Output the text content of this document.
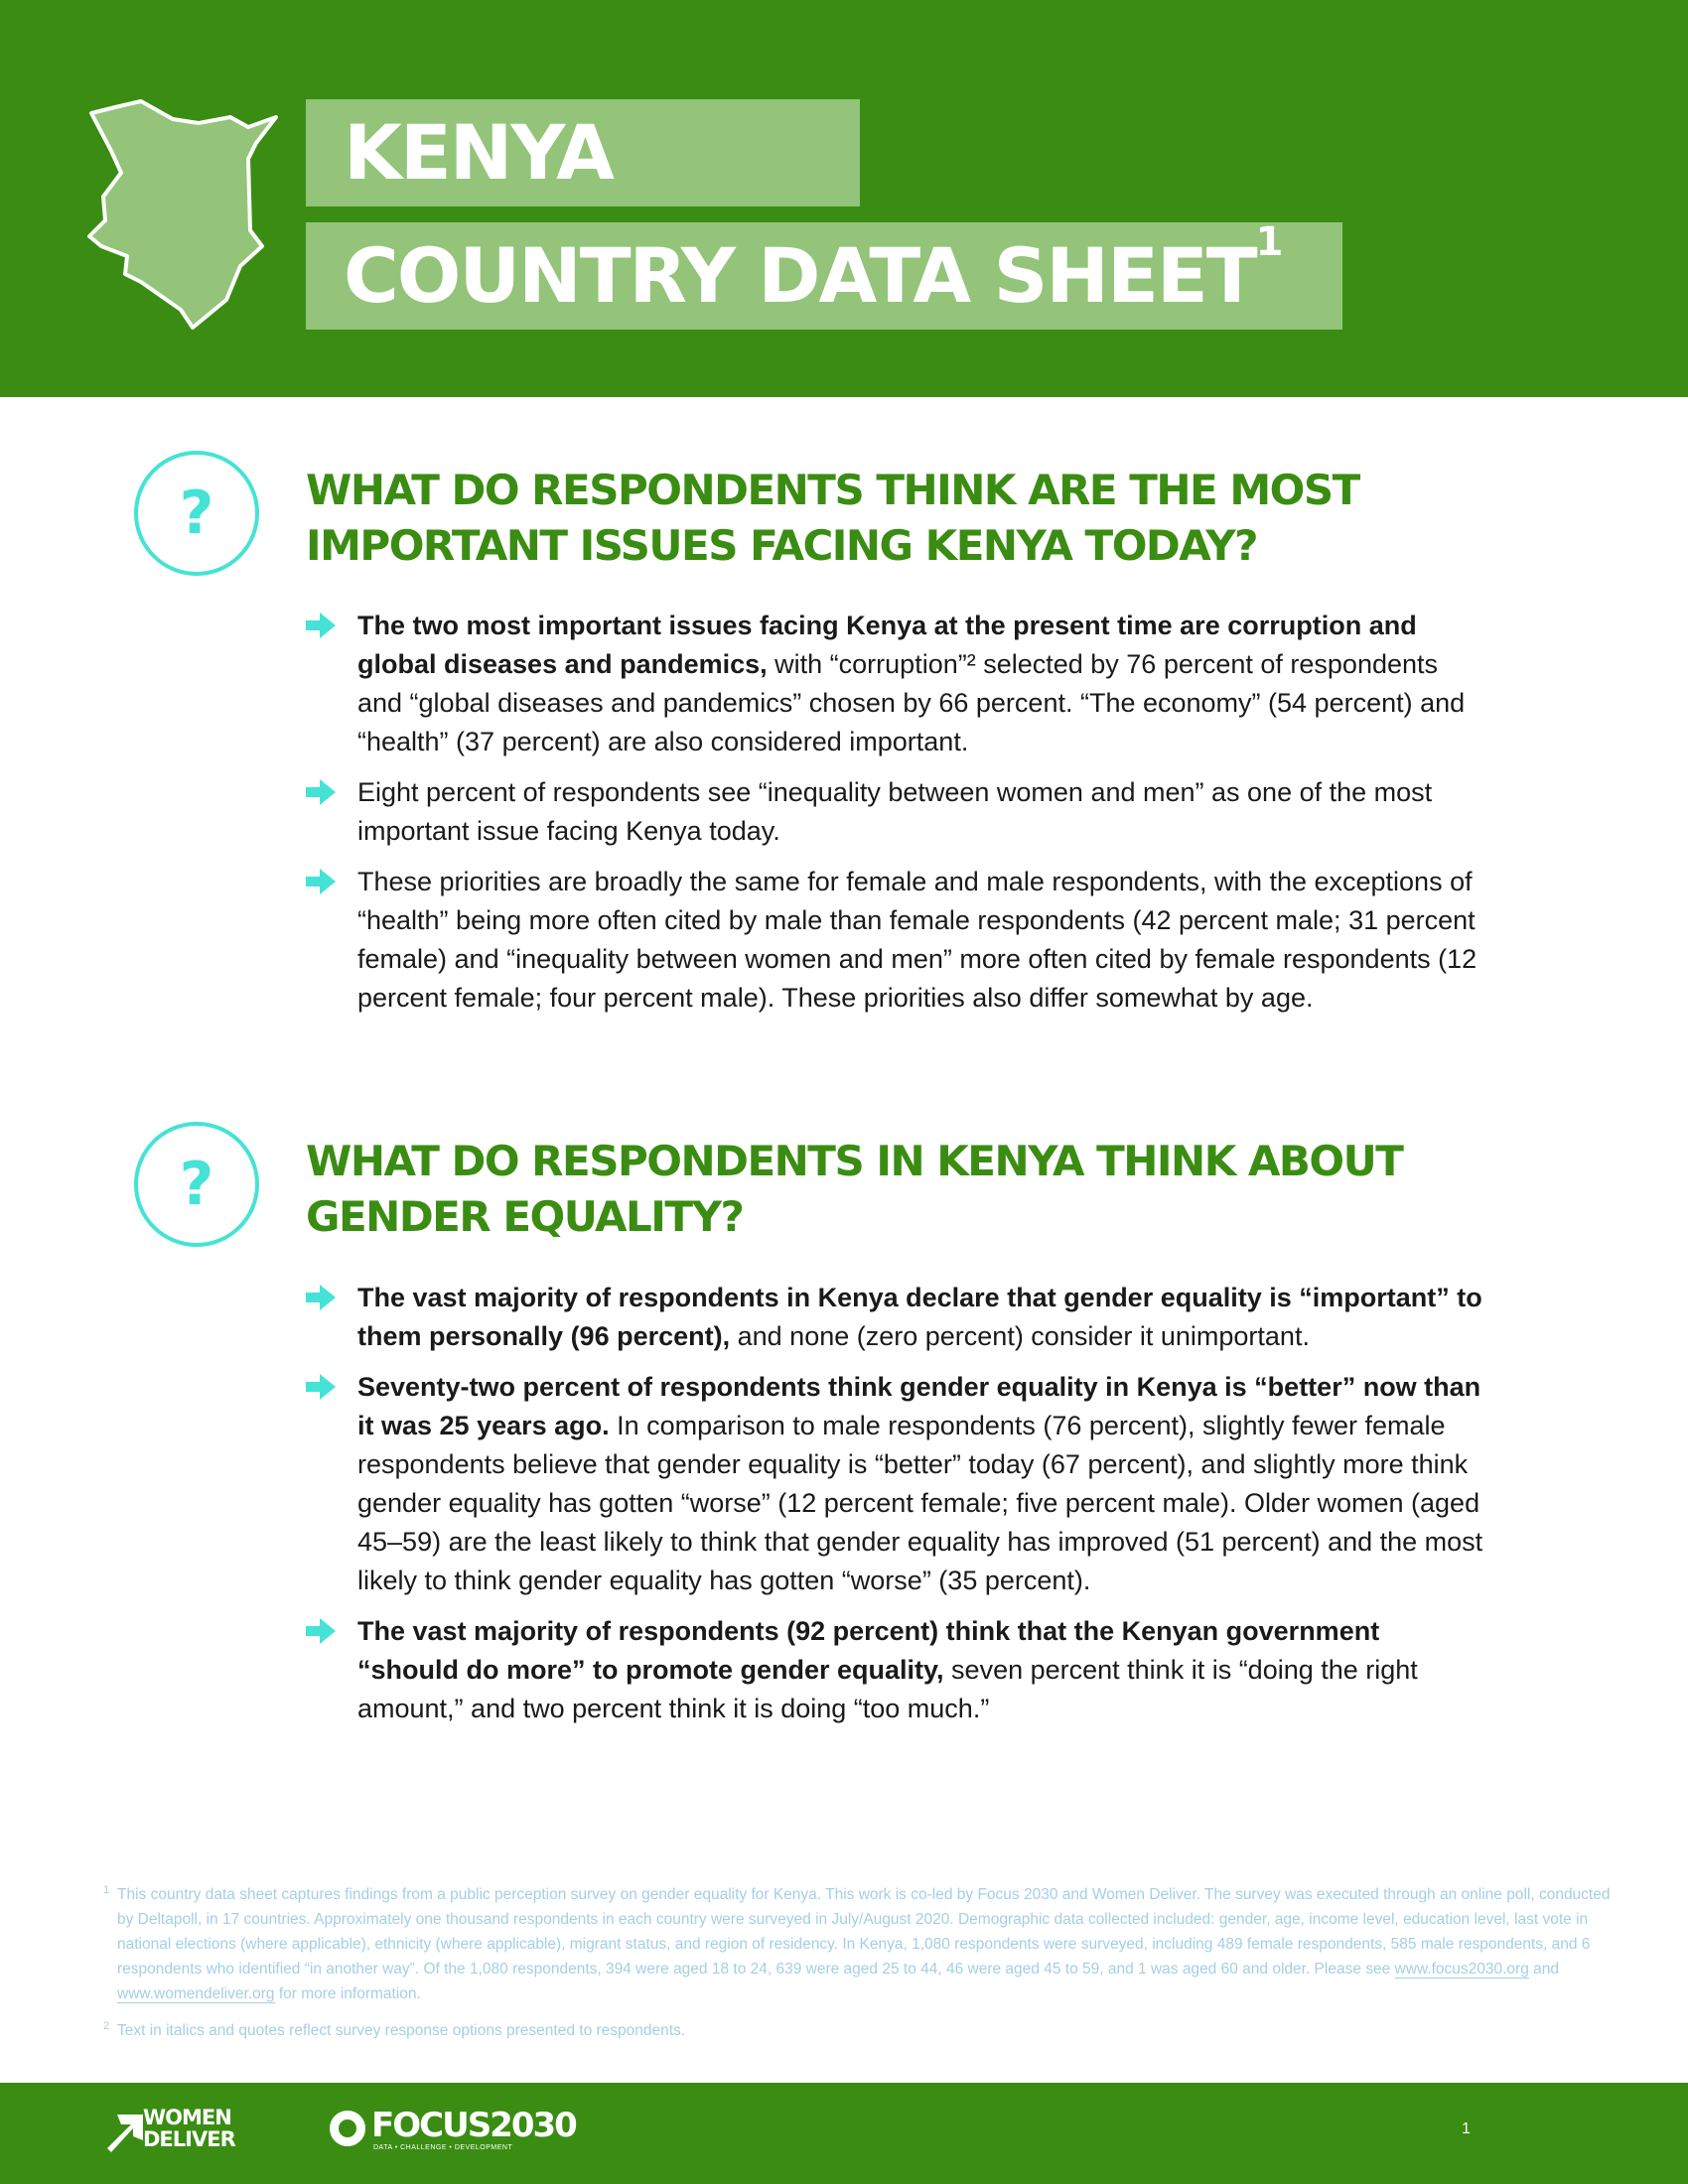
KENYA
COUNTRY DATA SHEET$^1$
?	WHAT DO RESPONDENTS THINK ARE THE MOST
IMPORTANT ISSUES FACING KENYA TODAY?
The two most important issues facing Kenya at the present time are corruption and global diseases and pandemics, with “corruption”² selected by 76 percent of respondents and “global diseases and pandemics” chosen by 66 percent. “The economy” (54 percent) and “health” (37 percent) are also considered important.
Eight percent of respondents see “inequality between women and men” as one of the most important issue facing Kenya today.
These priorities are broadly the same for female and male respondents, with the exceptions of “health” being more often cited by male than female respondents (42 percent male; 31 percent female) and “inequality between women and men” more often cited by female respondents (12 percent female; four percent male). These priorities also differ somewhat by age.
?	WHAT DO RESPONDENTS IN KENYA THINK ABOUT
GENDER EQUALITY?
The vast majority of respondents in Kenya declare that gender equality is “important” to them personally (96 percent), and none (zero percent) consider it unimportant.
Seventy-two percent of respondents think gender equality in Kenya is “better” now than it was 25 years ago. In comparison to male respondents (76 percent), slightly fewer female respondents believe that gender equality is “better” today (67 percent), and slightly more think gender equality has gotten “worse” (12 percent female; five percent male). Older women (aged 45–59) are the least likely to think that gender equality has improved (51 percent) and the most likely to think gender equality has gotten “worse” (35 percent).
The vast majority of respondents (92 percent) think that the Kenyan government “should do more” to promote gender equality, seven percent think it is “doing the right amount,” and two percent think it is doing “too much.”
1 This country data sheet captures findings from a public perception survey on gender equality for Kenya. This work is co-led by Focus 2030 and Women Deliver. The survey was executed through an online poll, conducted by Deltapoll, in 17 countries. Approximately one thousand respondents in each country were surveyed in July/August 2020. Demographic data collected included: gender, age, income level, education level, last vote in national elections (where applicable), ethnicity (where applicable), migrant status, and region of residency. In Kenya, 1,080 respondents were surveyed, including 489 female respondents, 585 male respondents, and 6 respondents who identified “in another way”. Of the 1,080 respondents, 394 were aged 18 to 24, 639 were aged 25 to 44, 46 were aged 45 to 59, and 1 was aged 60 and older. Please see www.focus2030.org and www.womendeliver.org for more information.
2 Text in italics and quotes reflect survey response options presented to respondents.
WOMEN
DELIVER	FOCUS2030
DATA • CHALLENGE • DEVELOPMENT
1
